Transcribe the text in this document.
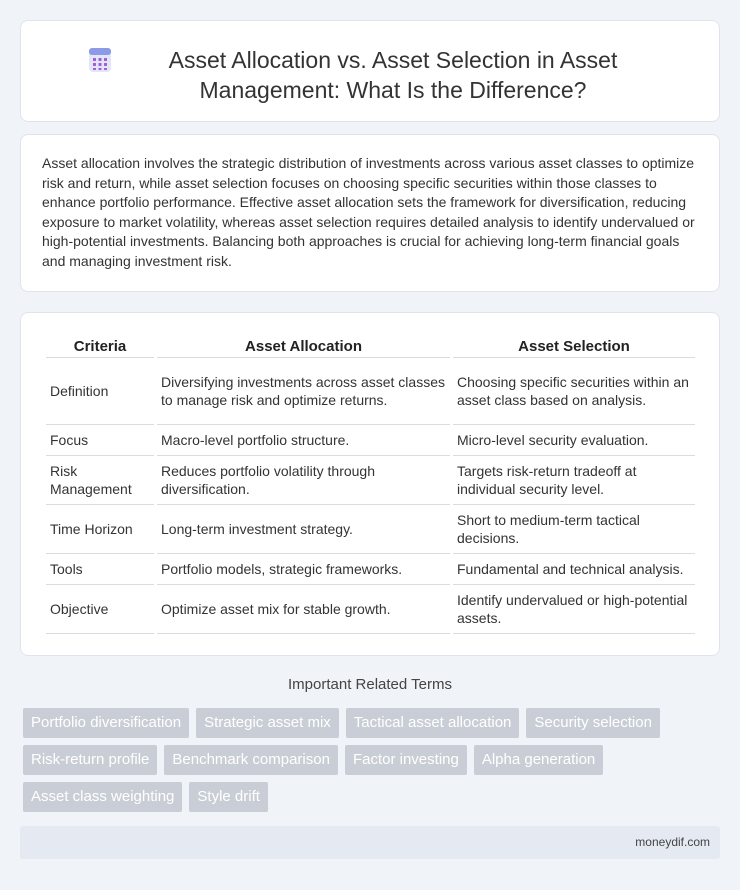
Asset Allocation vs. Asset Selection in Asset Management: What Is the Difference?

Asset allocation involves the strategic distribution of investments across various asset classes to optimize risk and return, while asset selection focuses on choosing specific securities within those classes to enhance portfolio performance. Effective asset allocation sets the framework for diversification, reducing exposure to market volatility, whereas asset selection requires detailed analysis to identify undervalued or high-potential investments. Balancing both approaches is crucial for achieving long-term financial goals and managing investment risk.

Criteria	Asset Allocation	Asset Selection
Definition	Diversifying investments across asset classes to manage risk and optimize returns.	Choosing specific securities within an asset class based on analysis.
Focus	Macro-level portfolio structure.	Micro-level security evaluation.
Risk Management	Reduces portfolio volatility through diversification.	Targets risk-return tradeoff at individual security level.
Time Horizon	Long-term investment strategy.	Short to medium-term tactical decisions.
Tools	Portfolio models, strategic frameworks.	Fundamental and technical analysis.
Objective	Optimize asset mix for stable growth.	Identify undervalued or high-potential assets.
Important Related Terms
Portfolio diversification	Strategic asset mix	Tactical asset allocation	Security selection
Risk-return profile	Benchmark comparison	Factor investing	Alpha generation
Asset class weighting	Style drift
moneydif.com
